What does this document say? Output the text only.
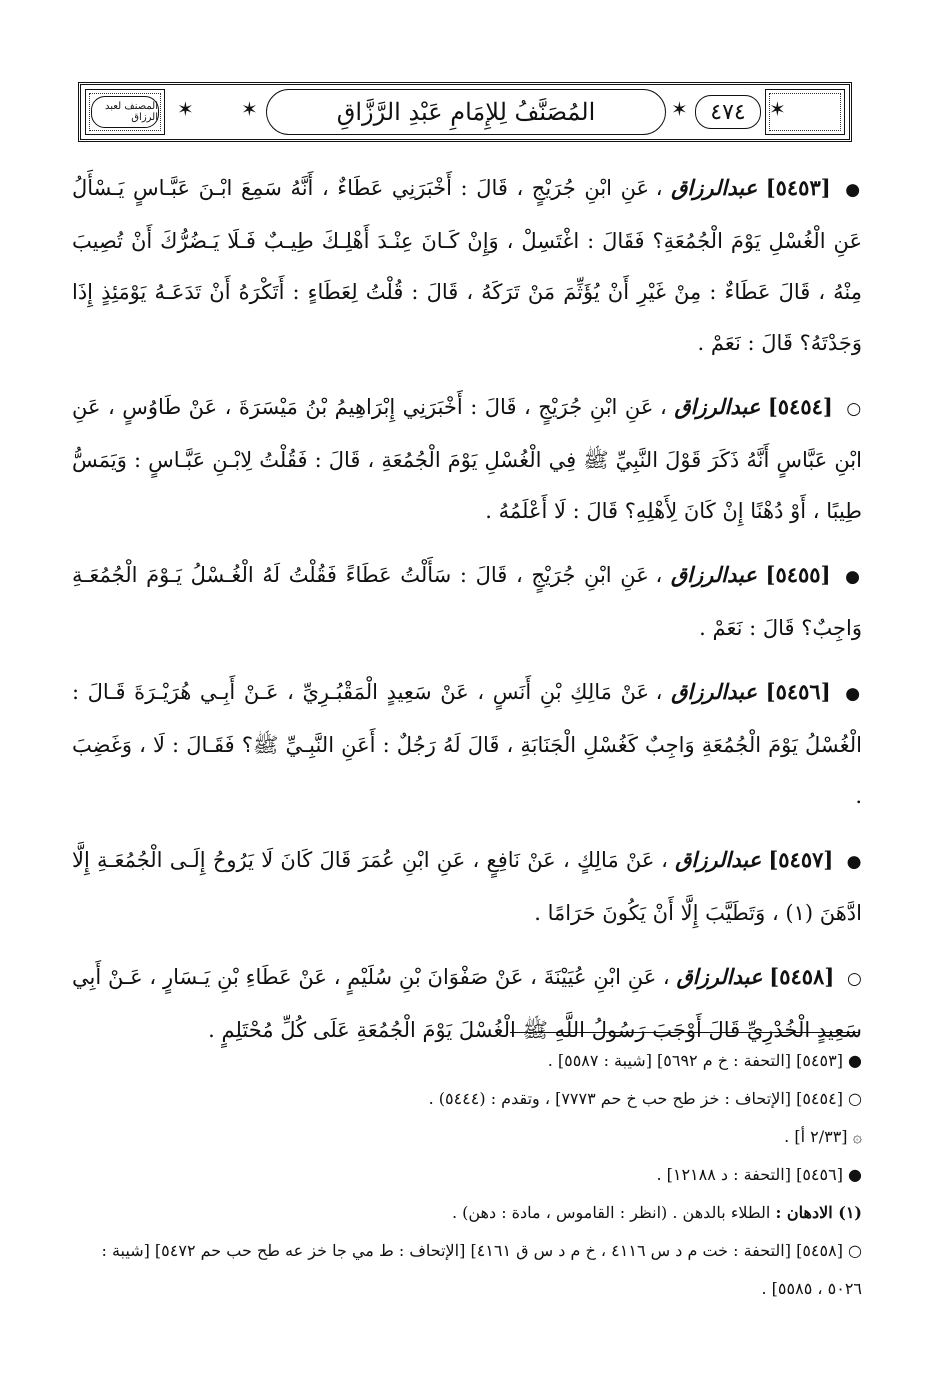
المصنف لعبد الرزاق ✶ ✶	المُصَنَّفُ لِلإِمَامِ عَبْدِ الرَّزَّاقِ	✶ ٤٧٤ ✶

● [٥٤٥٣] عبدالرزاق ، عَنِ ابْنِ جُرَيْجٍ ، قَالَ : أَخْبَرَنِي عَطَاءٌ ، أَنَّهُ سَمِعَ ابْـنَ عَبَّـاسٍ يَـسْأَلُ عَنِ الْغُسْلِ يَوْمَ الْجُمُعَةِ؟ فَقَالَ : اغْتَسِلْ ، وَإِنْ كَـانَ عِنْـدَ أَهْلِـكَ طِيـبٌ فَـلَا يَـضُرُّكَ أَنْ تُصِيبَ مِنْهُ ، قَالَ عَطَاءٌ : مِنْ غَيْرِ أَنْ يُؤَثِّمَ مَنْ تَرَكَهُ ، قَالَ : قُلْتُ لِعَطَاءٍ : أَتَكْرَهُ أَنْ تَدَعَـهُ يَوْمَئِذٍ إِذَا وَجَدْتَهُ؟ قَالَ : نَعَمْ .

○ [٥٤٥٤] عبدالرزاق ، عَنِ ابْنِ جُرَيْجٍ ، قَالَ : أَخْبَرَنِي إِبْرَاهِيمُ بْنُ مَيْسَرَةَ ، عَنْ طَاوُسٍ ، عَنِ ابْنِ عَبَّاسٍ أَنَّهُ ذَكَرَ قَوْلَ النَّبِيِّ ﷺ فِي الْغُسْلِ يَوْمَ الْجُمُعَةِ ، قَالَ : فَقُلْتُ لِابْـنِ عَبَّـاسٍ : وَيَمَسُّ طِيبًا ، أَوْ دُهْنًا إِنْ كَانَ لِأَهْلِهِ؟ قَالَ : لَا أَعْلَمُهُ .

● [٥٤٥٥] عبدالرزاق ، عَنِ ابْنِ جُرَيْجٍ ، قَالَ : سَأَلْتُ عَطَاءً فَقُلْتُ لَهُ الْغُـسْلُ يَـوْمَ الْجُمُعَـةِ وَاجِبٌ؟ قَالَ : نَعَمْ .

● [٥٤٥٦] عبدالرزاق ، عَنْ مَالِكِ بْنِ أَنَسٍ ، عَنْ سَعِيدٍ الْمَقْبُـرِيِّ ، عَـنْ أَبِـي هُرَيْـرَةَ قَـالَ : الْغُسْلُ يَوْمَ الْجُمُعَةِ وَاجِبٌ كَغُسْلِ الْجَنَابَةِ ، قَالَ لَهُ رَجُلٌ : أَعَنِ النَّبِـيِّ ﷺ؟ فَقَـالَ : لَا ، وَغَضِبَ .

● [٥٤٥٧] عبدالرزاق ، عَنْ مَالِكٍ ، عَنْ نَافِعٍ ، عَنِ ابْنِ عُمَرَ قَالَ كَانَ لَا يَرُوحُ إِلَـى الْجُمُعَـةِ إِلَّا ادَّهَنَ (١) ، وَتَطَيَّبَ إِلَّا أَنْ يَكُونَ حَرَامًا .

○ [٥٤٥٨] عبدالرزاق ، عَنِ ابْنِ عُيَيْنَةَ ، عَنْ صَفْوَانَ بْنِ سُلَيْمٍ ، عَنْ عَطَاءِ بْنِ يَـسَارٍ ، عَـنْ أَبِي سَعِيدٍ الْخُدْرِيِّ قَالَ أَوْجَبَ رَسُولُ اللَّهِ ﷺ الْغُسْلَ يَوْمَ الْجُمُعَةِ عَلَى كُلِّ مُحْتَلِمٍ .

● [٥٤٥٣] [التحفة : خ م ٥٦٩٢] [شيبة : ٥٥٨٧] .

○ [٥٤٥٤] [الإتحاف : خز طح حب خ حم ٧٧٧٣] ، وتقدم : (٥٤٤٤) .

۞ [٢/٣٣ أ] .

● [٥٤٥٦] [التحفة : د ١٢١٨٨] .

(١) الادهان : الطلاء بالدهن . (انظر : القاموس ، مادة : دهن) .

○ [٥٤٥٨] [التحفة : خت م د س ٤١١٦ ، خ م د س ق ٤١٦١] [الإتحاف : ط مي جا خز عه طح حب حم ٥٤٧٢] [شيبة : ٥٠٢٦ ، ٥٥٨٥] .
